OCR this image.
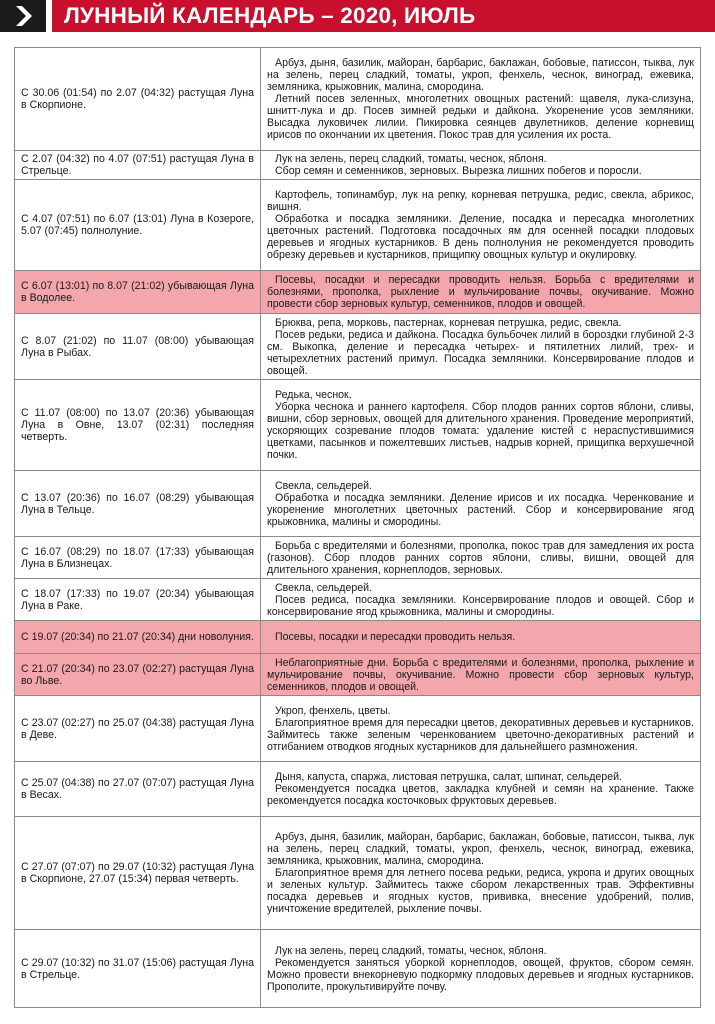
ЛУННЫЙ КАЛЕНДАРЬ – 2020, ИЮЛЬ
С 30.06 (01:54) по 2.07 (04:32) растущая Луна в Скорпионе.	Арбуз, дыня, базилик, майоран, барбарис, баклажан, бобовые, патиссон, тыква, лук на зелень, перец сладкий, томаты, укроп, фенхель, чеснок, виноград, ежевика, земляника, крыжовник, малина, смородина.
Летний посев зеленных, многолетних овощных растений: щавеля, лука-слизуна, шнитт-лука и др. Посев зимней редьки и дайкона. Укоренение усов земляники. Высадка луковичек лилии. Пикировка сеянцев двулетников, деление корневищ ирисов по окончании их цветения. Покос трав для усиления их роста.

С 2.07 (04:32) по 4.07 (07:51) растущая Луна в Стрельце.	Лук на зелень, перец сладкий, томаты, чеснок, яблоня.
Сбор семян и семенников, зерновых. Вырезка лишних побегов и поросли.

С 4.07 (07:51) по 6.07 (13:01) Луна в Козероге, 5.07 (07:45) полнолуние.	Картофель, топинамбур, лук на репку, корневая петрушка, редис, свекла, абрикос, вишня.
Обработка и посадка земляники. Деление, посадка и пересадка многолетних цветочных растений. Подготовка посадочных ям для осенней посадки плодовых деревьев и ягодных кустарников. В день полнолуния не рекомендуется проводить обрезку деревьев и кустарников, прищипку овощных культур и окулировку.

С 6.07 (13:01) по 8.07 (21:02) убывающая Луна в Водолее.	Посевы, посадки и пересадки проводить нельзя. Борьба с вредителями и болезнями, прополка, рыхление и мульчирование почвы, окучивание. Можно провести сбор зерновых культур, семенников, плодов и овощей.

С 8.07 (21:02) по 11.07 (08:00) убывающая Луна в Рыбах.	Брюква, репа, морковь, пастернак, корневая петрушка, редис, свекла.
Посев редьки, редиса и дайкона. Посадка бульбочек лилий в бороздки глубиной 2-3 см. Выкопка, деление и пересадка четырех- и пятилетних лилий, трех- и четырехлетних растений примул. Посадка земляники. Консервирование плодов и овощей.

С 11.07 (08:00) по 13.07 (20:36) убывающая Луна в Овне, 13.07 (02:31) последняя четверть.	Редька, чеснок.
Уборка чеснока и раннего картофеля. Сбор плодов ранних сортов яблони, сливы, вишни, сбор зерновых, овощей для длительного хранения. Проведение мероприятий, ускоряющих созревание плодов томата: удаление кистей с нераспустившимися цветками, пасынков и пожелтевших листьев, надрыв корней, прищипка верхушечной почки.

С 13.07 (20:36) по 16.07 (08:29) убывающая Луна в Тельце.	Свекла, сельдерей.
Обработка и посадка земляники. Деление ирисов и их посадка. Черенкование и укоренение многолетних цветочных растений. Сбор и консервирование ягод крыжовника, малины и смородины.

С 16.07 (08:29) по 18.07 (17:33) убывающая Луна в Близнецах.	Борьба с вредителями и болезнями, прополка, покос трав для замедления их роста (газонов). Сбор плодов ранних сортов яблони, сливы, вишни, овощей для длительного хранения, корнеплодов, зерновых.

С 18.07 (17:33) по 19.07 (20:34) убывающая Луна в Раке.	Свекла, сельдерей.
Посев редиса, посадка земляники. Консервирование плодов и овощей. Сбор и консервирование ягод крыжовника, малины и смородины.

С 19.07 (20:34) по 21.07 (20:34) дни новолуния.	Посевы, посадки и пересадки проводить нельзя.

С 21.07 (20:34) по 23.07 (02:27) растущая Луна во Льве.	Неблагоприятные дни. Борьба с вредителями и болезнями, прополка, рыхление и мульчирование почвы, окучивание. Можно провести сбор зерновых культур, семенников, плодов и овощей.

С 23.07 (02:27) по 25.07 (04:38) растущая Луна в Деве.	Укроп, фенхель, цветы.
Благоприятное время для пересадки цветов, декоративных деревьев и кустарников. Займитесь также зеленым черенкованием цветочно-декоративных растений и отгибанием отводков ягодных кустарников для дальнейшего размножения.

С 25.07 (04:38) по 27.07 (07:07) растущая Луна в Весах.	Дыня, капуста, спаржа, листовая петрушка, салат, шпинат, сельдерей.
Рекомендуется посадка цветов, закладка клубней и семян на хранение. Также рекомендуется посадка косточковых фруктовых деревьев.

С 27.07 (07:07) по 29.07 (10:32) растущая Луна в Скорпионе, 27.07 (15:34) первая четверть.	Арбуз, дыня, базилик, майоран, барбарис, баклажан, бобовые, патиссон, тыква, лук на зелень, перец сладкий, томаты, укроп, фенхель, чеснок, виноград, ежевика, земляника, крыжовник, малина, смородина.
Благоприятное время для летнего посева редьки, редиса, укропа и других овощных и зеленых культур. Займитесь также сбором лекарственных трав. Эффективны посадка деревьев и ягодных кустов, прививка, внесение удобрений, полив, уничтожение вредителей, рыхление почвы.

С 29.07 (10:32) по 31.07 (15:06) растущая Луна в Стрельце.	Лук на зелень, перец сладкий, томаты, чеснок, яблоня.
Рекомендуется заняться уборкой корнеплодов, овощей, фруктов, сбором семян. Можно провести внекорневую подкормку плодовых деревьев и ягодных кустарников. Прополите, прокультивируйте почву.
